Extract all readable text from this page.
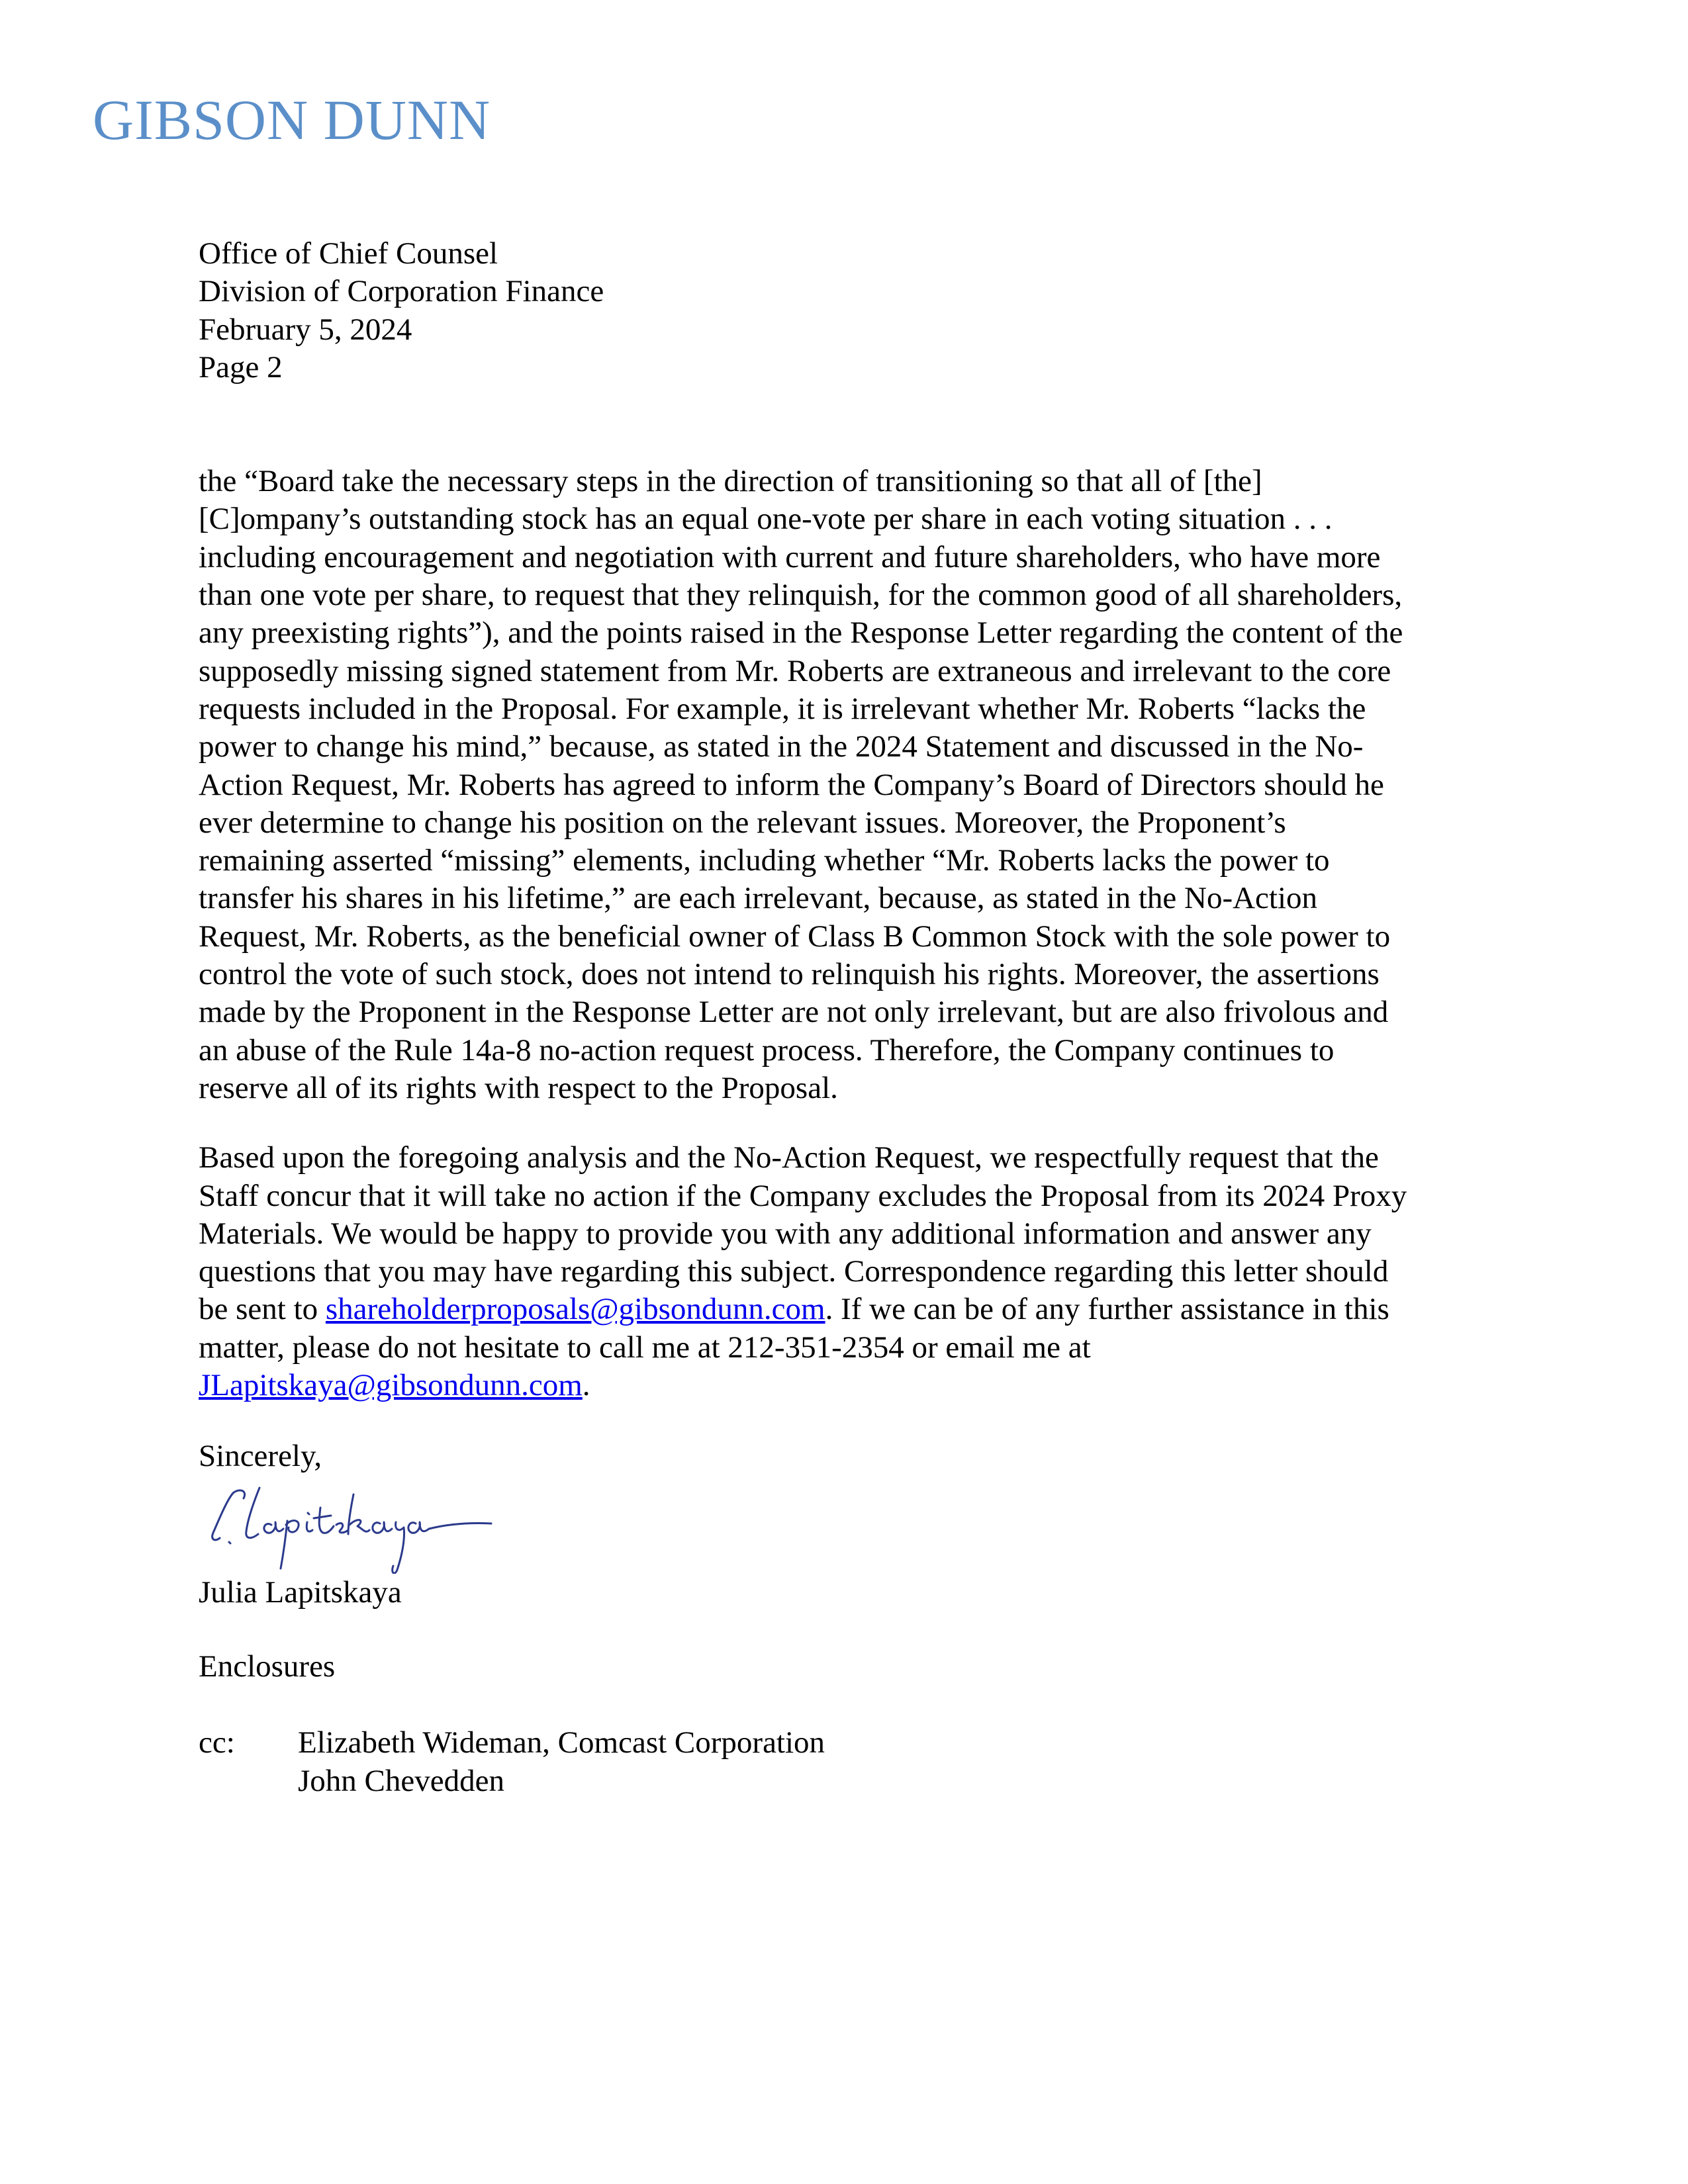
GIBSON DUNN
Office of Chief Counsel
Division of Corporation Finance
February 5, 2024
Page 2

the “Board take the necessary steps in the direction of transitioning so that all of [the]
[C]ompany’s outstanding stock has an equal one-vote per share in each voting situation . . .
including encouragement and negotiation with current and future shareholders, who have more
than one vote per share, to request that they relinquish, for the common good of all shareholders,
any preexisting rights”), and the points raised in the Response Letter regarding the content of the
supposedly missing signed statement from Mr. Roberts are extraneous and irrelevant to the core
requests included in the Proposal. For example, it is irrelevant whether Mr. Roberts “lacks the
power to change his mind,” because, as stated in the 2024 Statement and discussed in the No-
Action Request, Mr. Roberts has agreed to inform the Company’s Board of Directors should he
ever determine to change his position on the relevant issues. Moreover, the Proponent’s
remaining asserted “missing” elements, including whether “Mr. Roberts lacks the power to
transfer his shares in his lifetime,” are each irrelevant, because, as stated in the No-Action
Request, Mr. Roberts, as the beneficial owner of Class B Common Stock with the sole power to
control the vote of such stock, does not intend to relinquish his rights. Moreover, the assertions
made by the Proponent in the Response Letter are not only irrelevant, but are also frivolous and
an abuse of the Rule 14a-8 no-action request process. Therefore, the Company continues to
reserve all of its rights with respect to the Proposal.

Based upon the foregoing analysis and the No-Action Request, we respectfully request that the
Staff concur that it will take no action if the Company excludes the Proposal from its 2024 Proxy
Materials. We would be happy to provide you with any additional information and answer any
questions that you may have regarding this subject. Correspondence regarding this letter should
be sent to shareholderproposals@gibsondunn.com. If we can be of any further assistance in this
matter, please do not hesitate to call me at 212-351-2354 or email me at
JLapitskaya@gibsondunn.com.

Sincerely,
Julia Lapitskaya
Enclosures
cc:	Elizabeth Wideman, Comcast Corporation
John Chevedden
